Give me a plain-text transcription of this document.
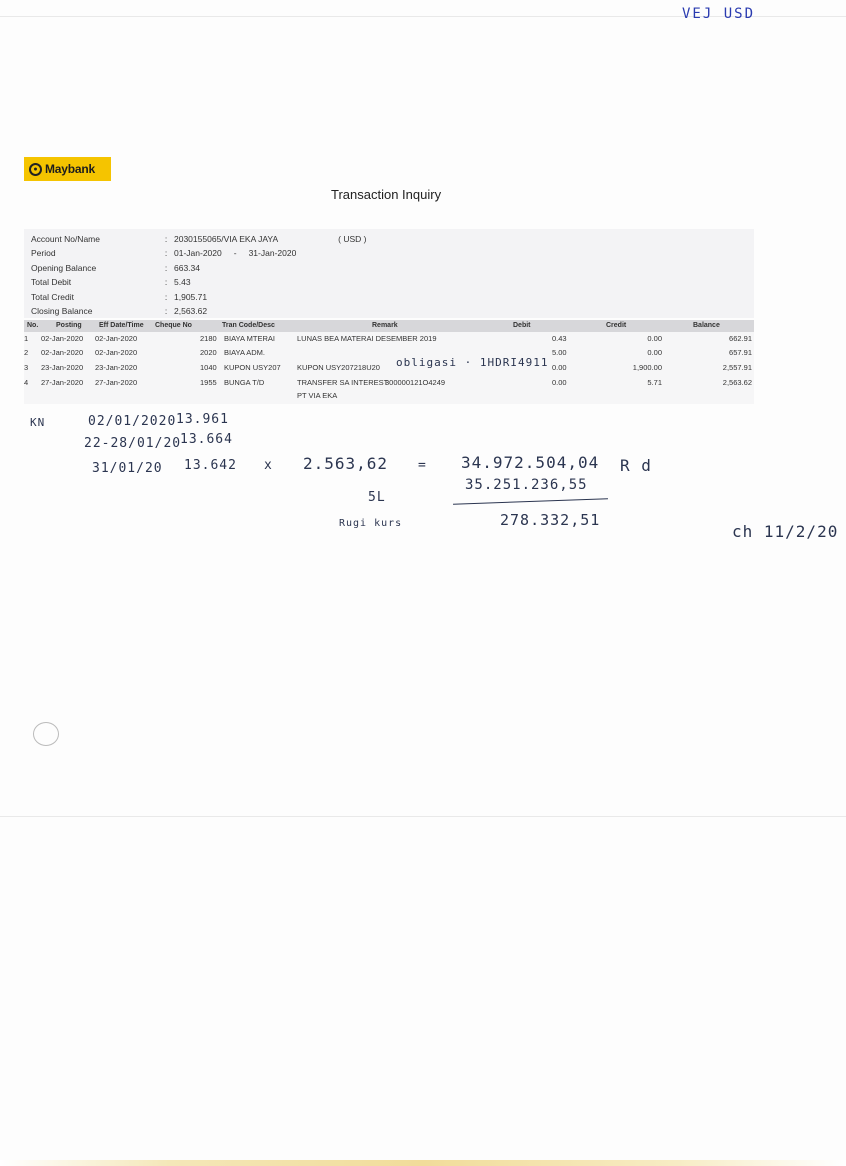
VEJ USD
● Maybank
Transaction Inquiry
Account No/Name	: 2030155065/VIA EKA JAYA	( USD )
Period	: 01-Jan-2020 - 31-Jan-2020
Opening Balance	: 663.34
Total Debit	: 5.43
Total Credit	: 1,905.71
Closing Balance	: 2,563.62
No.	Posting Eff Date/Time Cheque No	Tran Code/Desc	Remark	Debit	Credit	Balance
1 02-Jan-2020 02-Jan-2020	2180 BIAYA MTERAI	LUNAS BEA MATERAI DESEMBER 2019	0.43	0.00	662.91
2 02-Jan-2020 02-Jan-2020	2020 BIAYA ADM.	5.00	0.00	657.91
3 23-Jan-2020 23-Jan-2020	1040 KUPON USY207 KUPON USY207218U20	0.00	1,900.00	2,557.91
4 27-Jan-2020 27-Jan-2020	1955 BUNGA T/D	TRANSFER SA INTEREST
300000121O4249	0.00	5.71	2,563.62
PT VIA EKA
obligasi · 1HDRI4911
KN	02/01/2020 13.961
22-28/01/20
13.664
31/01/20 13.642 x 2.563,62 = 34.972.504,04 R d
35.251.236,55
5L
Rugi kurs	278.332,51
ch 11/2/20
